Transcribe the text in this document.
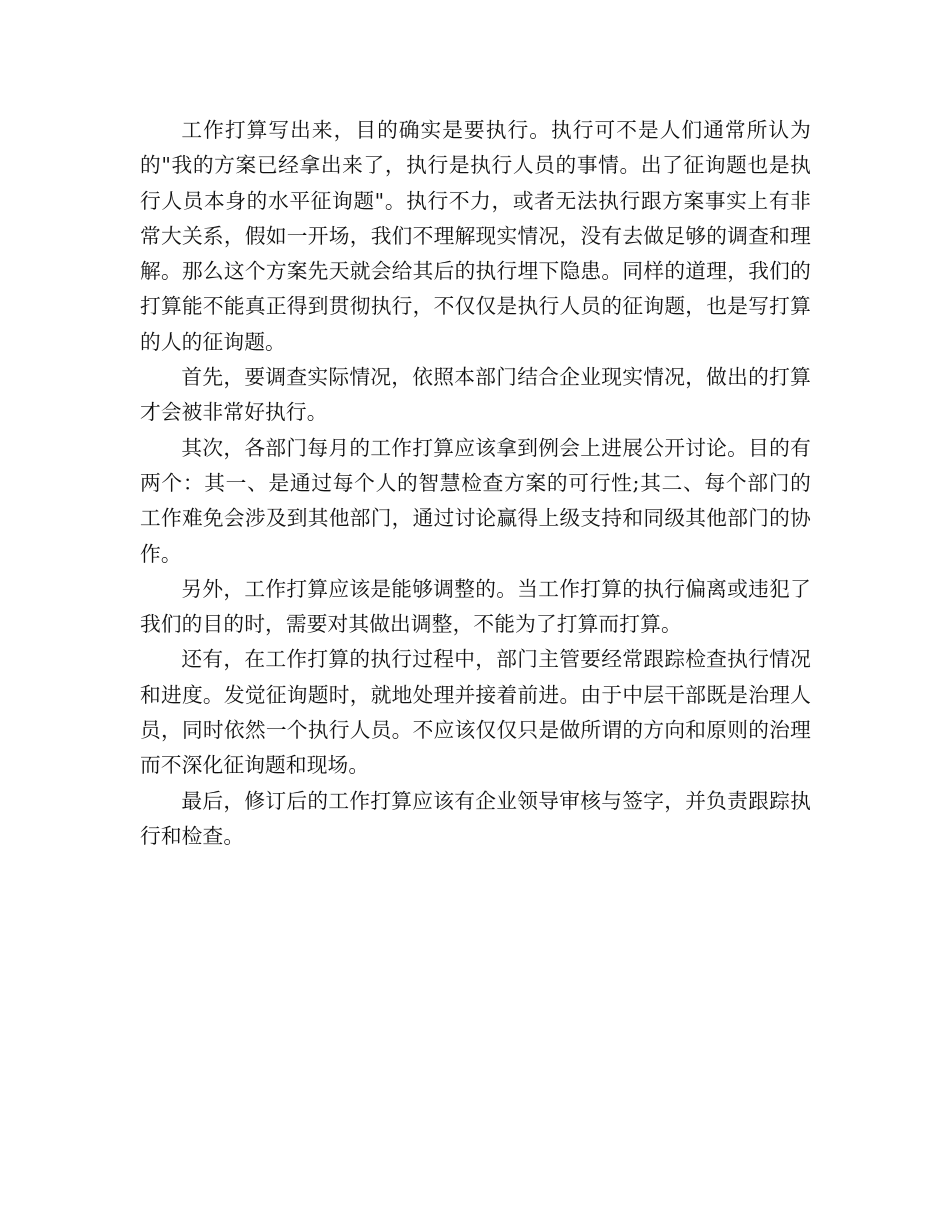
工作打算写出来，目的确实是要执行。执行可不是人们通常所认为的"我的方案已经拿出来了，执行是执行人员的事情。出了征询题也是执行人员本身的水平征询题"。执行不力，或者无法执行跟方案事实上有非常大关系，假如一开场，我们不理解现实情况，没有去做足够的调查和理解。那么这个方案先天就会给其后的执行埋下隐患。同样的道理，我们的打算能不能真正得到贯彻执行，不仅仅是执行人员的征询题，也是写打算的人的征询题。

首先，要调查实际情况，依照本部门结合企业现实情况，做出的打算才会被非常好执行。

其次，各部门每月的工作打算应该拿到例会上进展公开讨论。目的有两个：其一、是通过每个人的智慧检查方案的可行性;其二、每个部门的工作难免会涉及到其他部门，通过讨论赢得上级支持和同级其他部门的协作。

另外，工作打算应该是能够调整的。当工作打算的执行偏离或违犯了我们的目的时，需要对其做出调整，不能为了打算而打算。

还有，在工作打算的执行过程中，部门主管要经常跟踪检查执行情况和进度。发觉征询题时，就地处理并接着前进。由于中层干部既是治理人员，同时依然一个执行人员。不应该仅仅只是做所谓的方向和原则的治理而不深化征询题和现场。

最后，修订后的工作打算应该有企业领导审核与签字，并负责跟踪执行和检查。
